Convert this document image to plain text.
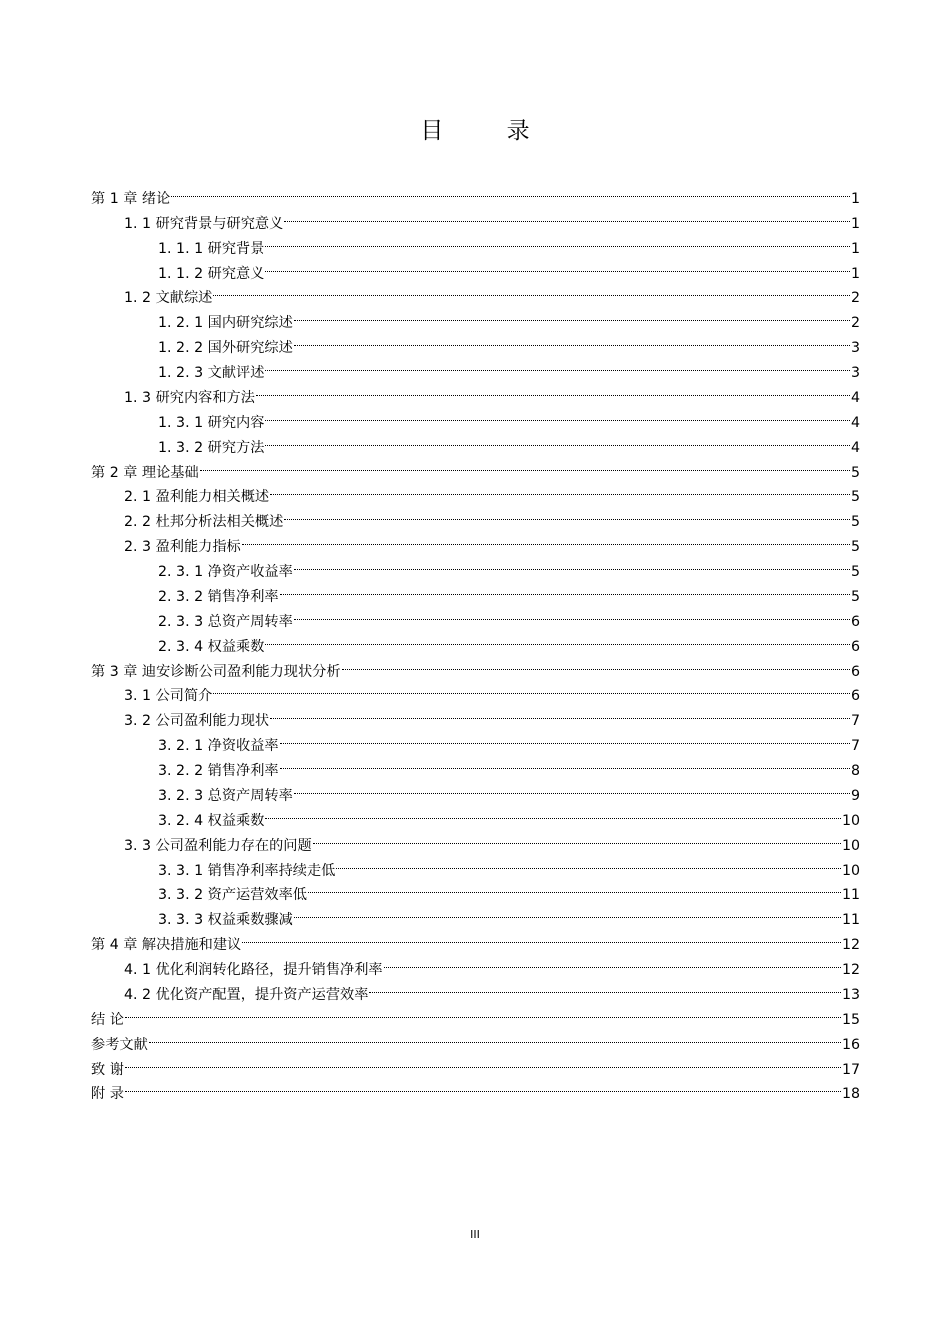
目 录
第 1 章 绪论	1
1. 1 研究背景与研究意义	1
1. 1. 1 研究背景	1
1. 1. 2 研究意义	1
1. 2 文献综述	2
1. 2. 1 国内研究综述	2
1. 2. 2 国外研究综述	3
1. 2. 3 文献评述	3
1. 3 研究内容和方法	4
1. 3. 1 研究内容	4
1. 3. 2 研究方法	4
第 2 章 理论基础	5
2. 1 盈利能力相关概述	5
2. 2 杜邦分析法相关概述	5
2. 3 盈利能力指标	5
2. 3. 1 净资产收益率	5
2. 3. 2 销售净利率	5
2. 3. 3 总资产周转率	6
2. 3. 4 权益乘数	6
第 3 章 迪安诊断公司盈利能力现状分析	6
3. 1 公司简介	6
3. 2 公司盈利能力现状	7
3. 2. 1 净资收益率	7
3. 2. 2 销售净利率	8
3. 2. 3 总资产周转率	9
3. 2. 4 权益乘数	10
3. 3 公司盈利能力存在的问题	10
3. 3. 1 销售净利率持续走低	10
3. 3. 2 资产运营效率低	11
3. 3. 3 权益乘数骤减	11
第 4 章 解决措施和建议	12
4. 1 优化利润转化路径，提升销售净利率	12
4. 2 优化资产配置，提升资产运营效率	13
结 论	15
参考文献	16
致 谢	17
附 录	18
III
